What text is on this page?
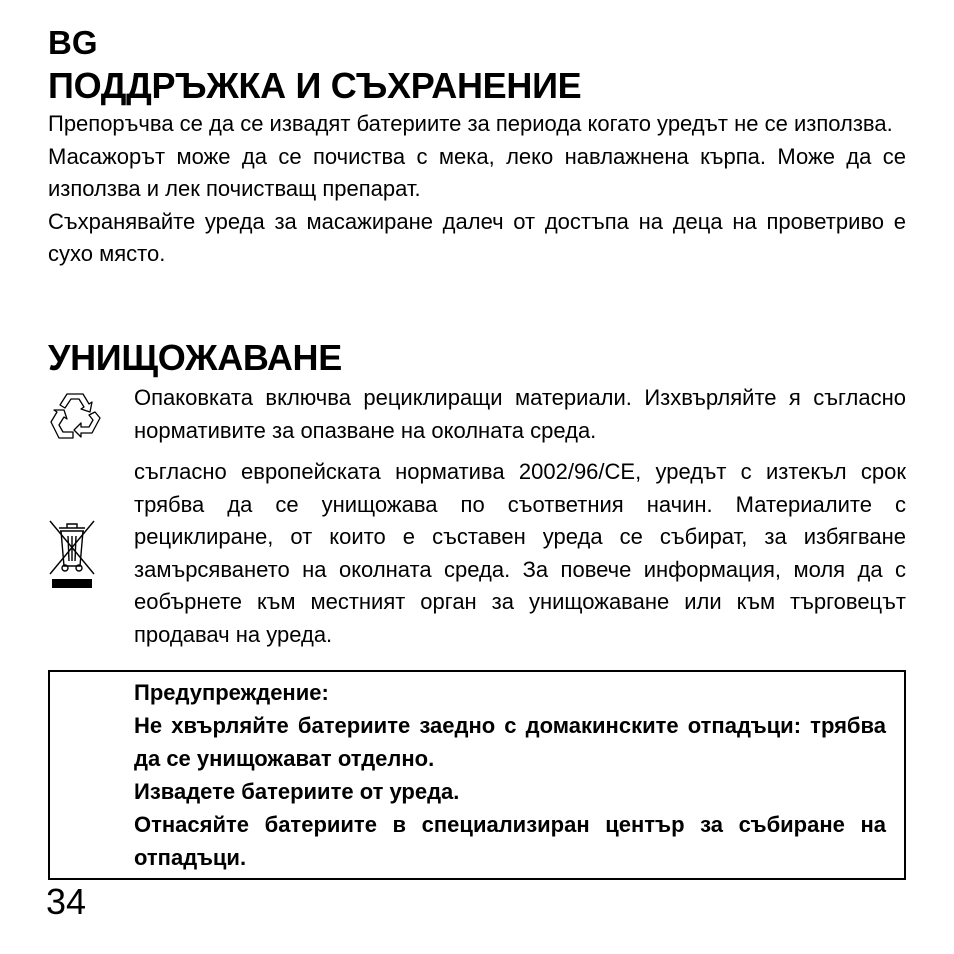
BG
ПОДДРЪЖКА И СЪХРАНЕНИЕ

Препоръчва се да се извадят батериите за периода когато уредът не се използва.

Масажорът може да се почиства с мека, леко навлажнена кърпа. Може да се използва и лек почистващ препарат.

Съхранявайте уреда за масажиране далеч от достъпа на деца на проветриво е сухо място.

УНИЩОЖАВАНЕ
Опаковката включва рециклиращи материали. Изхвърляйте я съгласно нормативите за опазване на околната среда.
съгласно европейската норматива 2002/96/CE, уредът с изтекъл срок трябва да се унищожава по съответния начин. Материалите с рециклиране, от които е съставен уреда се събират, за избягване замърсяването на околната среда. За повече информация, моля да с еобърнете към местният орган за унищожаване или към търговецът продавач на уреда.
Предупреждение:
Не хвърляйте батериите заедно с домакинските отпадъци: трябва да се унищожават отделно.
Извадете батериите от уреда.
Отнасяйте батериите в специализиран център за събиране на отпадъци.
34
